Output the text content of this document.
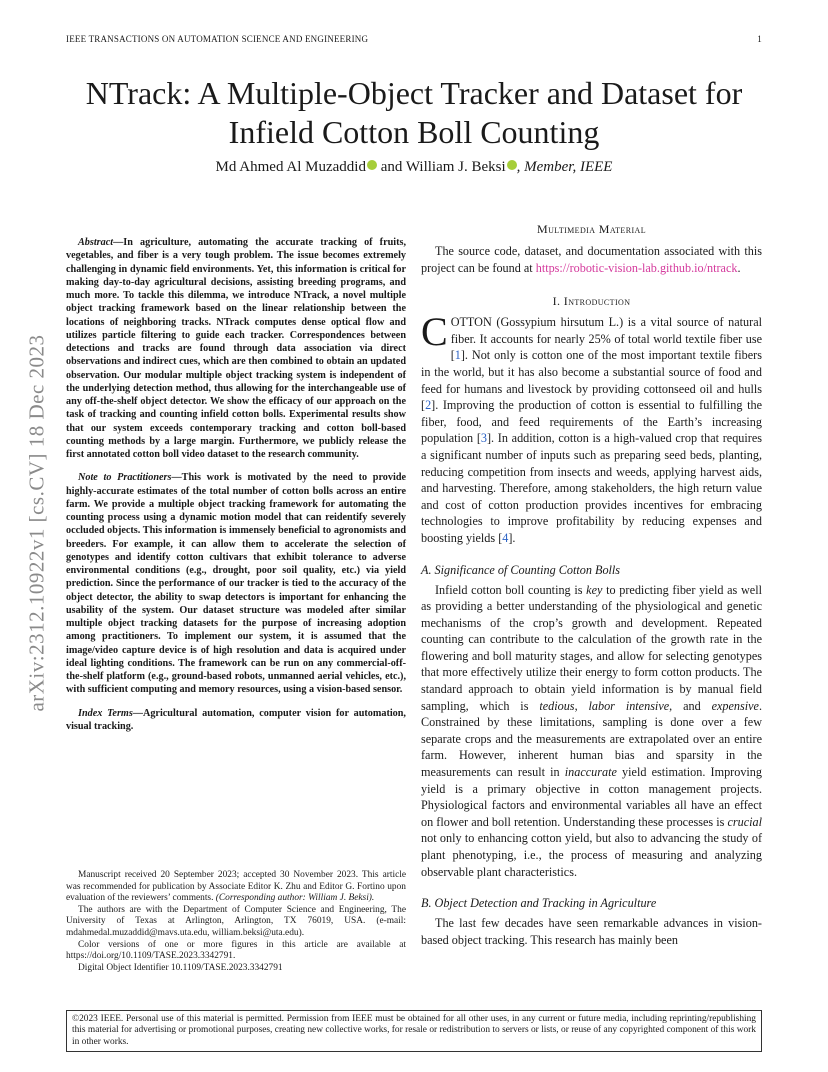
IEEE TRANSACTIONS ON AUTOMATION SCIENCE AND ENGINEERING	1
arXiv:2312.10922v1 [cs.CV] 18 Dec 2023
NTrack: A Multiple-Object Tracker and Dataset for Infield Cotton Boll Counting
Md Ahmed Al Muzaddid and William J. Beksi , Member, IEEE

Abstract—In agriculture, automating the accurate tracking of fruits, vegetables, and fiber is a very tough problem. The issue becomes extremely challenging in dynamic field environments. Yet, this information is critical for making day-to-day agricultural decisions, assisting breeding programs, and much more. To tackle this dilemma, we introduce NTrack, a novel multiple object tracking framework based on the linear relationship between the locations of neighboring tracks. NTrack computes dense optical flow and utilizes particle filtering to guide each tracker. Correspondences between detections and tracks are found through data association via direct observations and indirect cues, which are then combined to obtain an updated observation. Our modular multiple object tracking system is independent of the underlying detection method, thus allowing for the interchangeable use of any off-the-shelf object detector. We show the efficacy of our approach on the task of tracking and counting infield cotton bolls. Experimental results show that our system exceeds contemporary tracking and cotton boll-based counting methods by a large margin. Furthermore, we publicly release the first annotated cotton boll video dataset to the research community.

Note to Practitioners—This work is motivated by the need to provide highly-accurate estimates of the total number of cotton bolls across an entire farm. We provide a multiple object tracking framework for automating the counting process using a dynamic motion model that can reidentify severely occluded objects. This information is immensely beneficial to agronomists and breeders. For example, it can allow them to accelerate the selection of genotypes and identify cotton cultivars that exhibit tolerance to adverse environmental conditions (e.g., drought, poor soil quality, etc.) via yield prediction. Since the performance of our tracker is tied to the accuracy of the object detector, the ability to swap detectors is important for enhancing the usability of the system. Our dataset structure was modeled after similar multiple object tracking datasets for the purpose of increasing adoption among practitioners. To implement our system, it is assumed that the image/video capture device is of high resolution and data is acquired under ideal lighting conditions. The framework can be run on any commercial-off-the-shelf platform (e.g., ground-based robots, unmanned aerial vehicles, etc.), with sufficient computing and memory resources, using a vision-based sensor.

Index Terms—Agricultural automation, computer vision for automation, visual tracking.

Manuscript received 20 September 2023; accepted 30 November 2023. This article was recommended for publication by Associate Editor K. Zhu and Editor G. Fortino upon evaluation of the reviewers’ comments. (Corresponding author: William J. Beksi).

The authors are with the Department of Computer Science and Engineering, The University of Texas at Arlington, Arlington, TX 76019, USA. (e-mail: mdahmedal.muzaddid@mavs.uta.edu, william.beksi@uta.edu).

Color versions of one or more figures in this article are available at https://doi.org/10.1109/TASE.2023.3342791.

Digital Object Identifier 10.1109/TASE.2023.3342791

Multimedia Material

The source code, dataset, and documentation associated with this project can be found at https://robotic-vision-lab.github.io/ntrack.

I. Introduction

COTTON (Gossypium hirsutum L.) is a vital source of natural fiber. It accounts for nearly 25% of total world textile fiber use [1]. Not only is cotton one of the most important textile fibers in the world, but it has also become a substantial source of food and feed for humans and livestock by providing cottonseed oil and hulls [2]. Improving the production of cotton is essential to fulfilling the fiber, food, and feed requirements of the Earth’s increasing population [3]. In addition, cotton is a high-valued crop that requires a significant number of inputs such as preparing seed beds, planting, reducing competition from insects and weeds, applying harvest aids, and harvesting. Therefore, among stakeholders, the high return value and cost of cotton production provides incentives for embracing technologies to improve profitability by reducing expenses and boosting yields [4].

A. Significance of Counting Cotton Bolls

Infield cotton boll counting is key to predicting fiber yield as well as providing a better understanding of the physiological and genetic mechanisms of the crop’s growth and development. Repeated counting can contribute to the calculation of the growth rate in the flowering and boll maturity stages, and allow for selecting genotypes that more effectively utilize their energy to form cotton products. The standard approach to obtain yield information is by manual field sampling, which is tedious, labor intensive, and expensive. Constrained by these limitations, sampling is done over a few separate crops and the measurements are extrapolated over an entire farm. However, inherent human bias and sparsity in the measurements can result in inaccurate yield estimation. Improving yield is a primary objective in cotton management projects. Physiological factors and environmental variables all have an effect on flower and boll retention. Understanding these processes is crucial not only to enhancing cotton yield, but also to advancing the study of plant phenotyping, i.e., the process of measuring and analyzing observable plant characteristics.

B. Object Detection and Tracking in Agriculture

The last few decades have seen remarkable advances in vision-based object tracking. This research has mainly been

©2023 IEEE. Personal use of this material is permitted. Permission from IEEE must be obtained for all other uses, in any current or future media, including reprinting/republishing this material for advertising or promotional purposes, creating new collective works, for resale or redistribution to servers or lists, or reuse of any copyrighted component of this work in other works.
